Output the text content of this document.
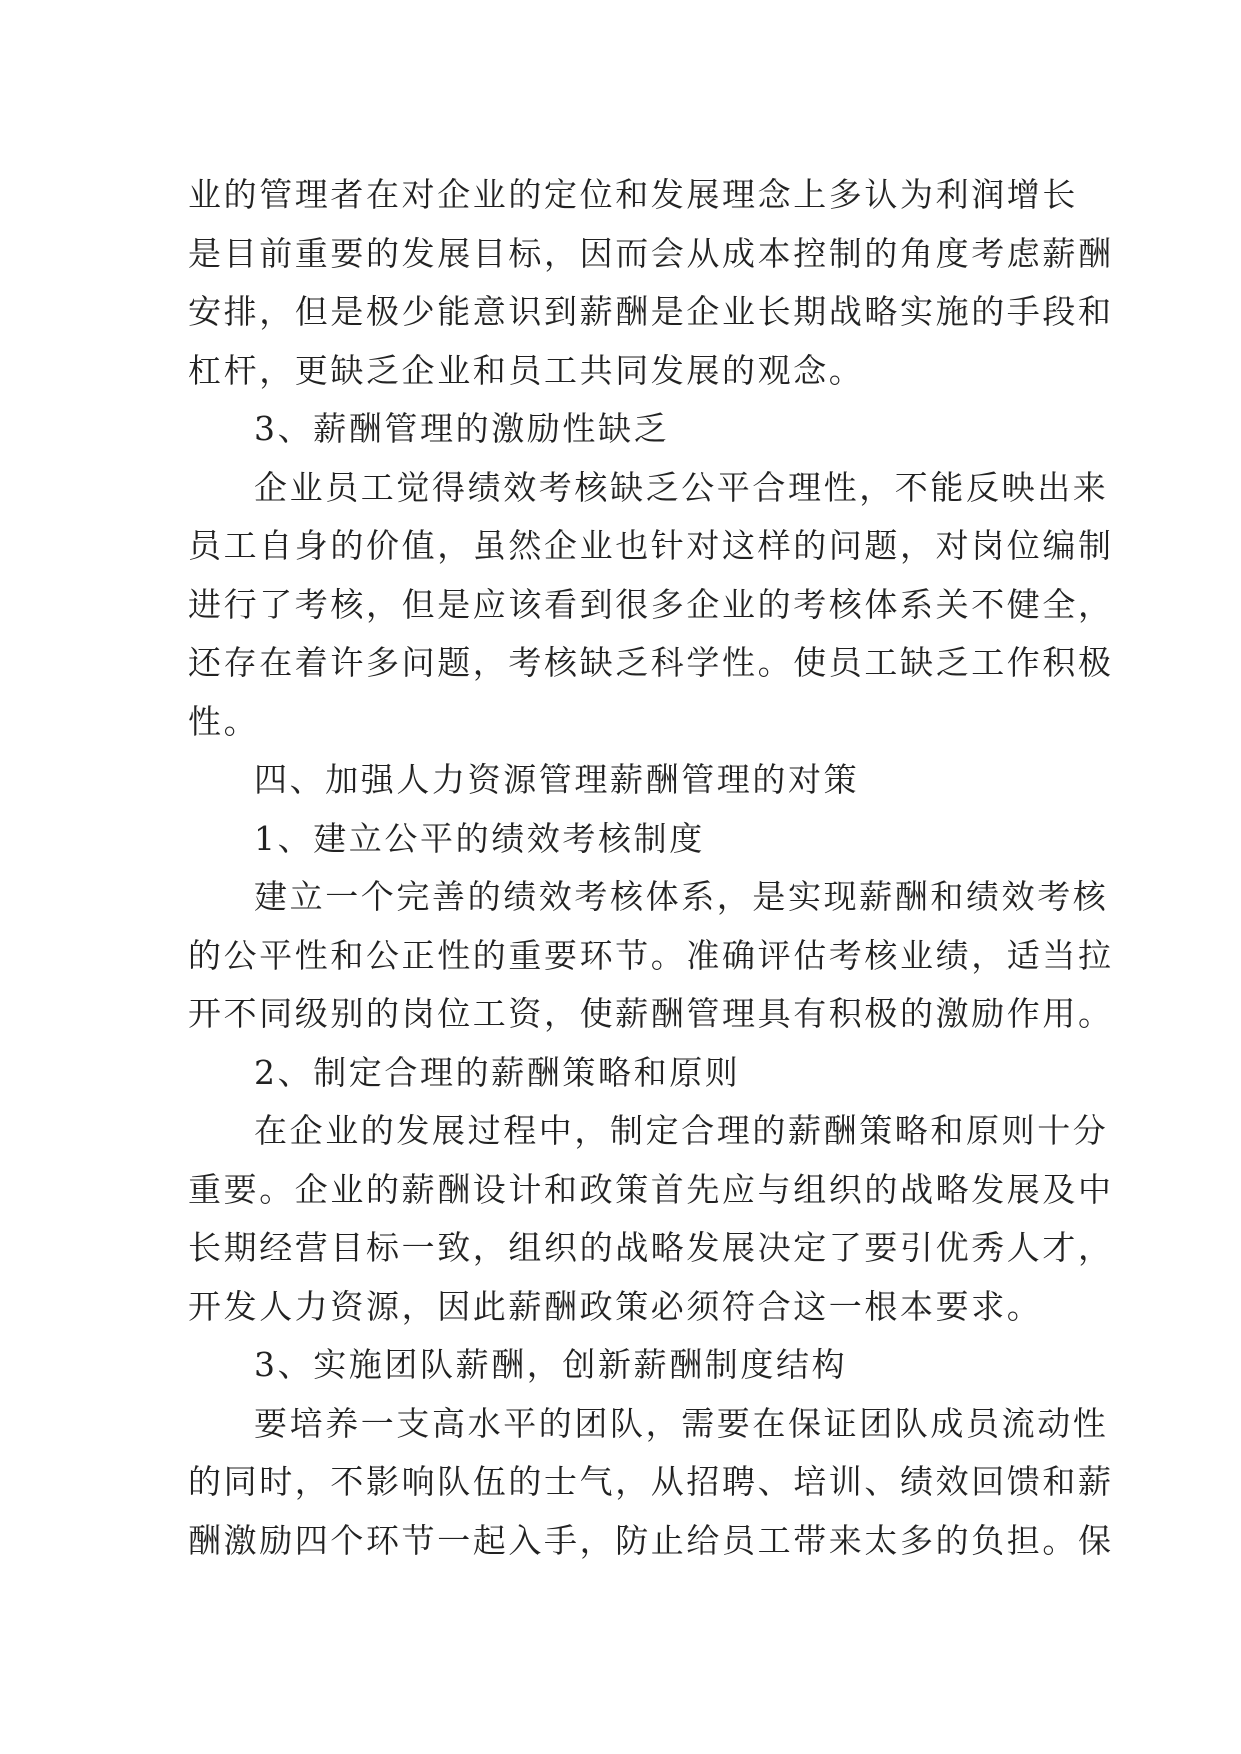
业的管理者在对企业的定位和发展理念上多认为利润增长
是目前重要的发展目标，因而会从成本控制的角度考虑薪酬
安排，但是极少能意识到薪酬是企业长期战略实施的手段和
杠杆，更缺乏企业和员工共同发展的观念。
3、薪酬管理的激励性缺乏
企业员工觉得绩效考核缺乏公平合理性，不能反映出来
员工自身的价值，虽然企业也针对这样的问题，对岗位编制
进行了考核，但是应该看到很多企业的考核体系关不健全，
还存在着许多问题，考核缺乏科学性。使员工缺乏工作积极
性。
四、加强人力资源管理薪酬管理的对策
1、建立公平的绩效考核制度
建立一个完善的绩效考核体系，是实现薪酬和绩效考核
的公平性和公正性的重要环节。准确评估考核业绩，适当拉
开不同级别的岗位工资，使薪酬管理具有积极的激励作用。
2、制定合理的薪酬策略和原则
在企业的发展过程中，制定合理的薪酬策略和原则十分
重要。企业的薪酬设计和政策首先应与组织的战略发展及中
长期经营目标一致，组织的战略发展决定了要引优秀人才，
开发人力资源，因此薪酬政策必须符合这一根本要求。
3、实施团队薪酬，创新薪酬制度结构
要培养一支高水平的团队，需要在保证团队成员流动性
的同时，不影响队伍的士气，从招聘、培训、绩效回馈和薪
酬激励四个环节一起入手，防止给员工带来太多的负担。保
